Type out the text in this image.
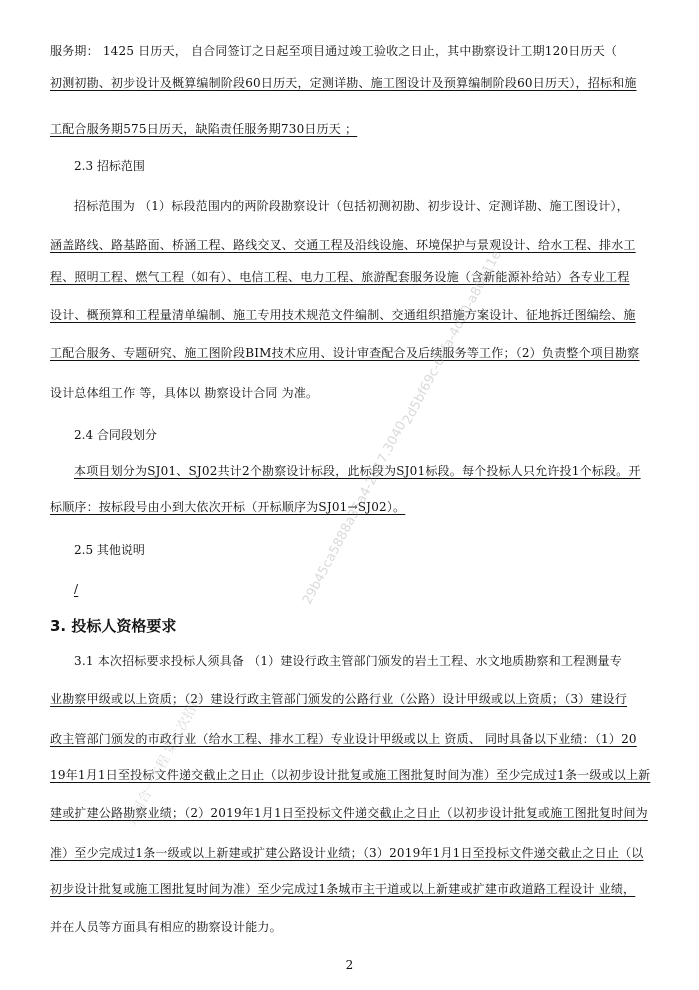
服务期： 1425 日历天， 自合同签订之日起至项目通过竣工验收之日止，其中勘察设计工期120日历天（
初测初勘、初步设计及概算编制阶段60日历天，定测详勘、施工图设计及预算编制阶段60日历天），招标和施
工配合服务期575日历天，缺陷责任服务期730日历天 ；
2.3 招标范围
招标范围为 （1）标段范围内的两阶段勘察设计（包括初测初勘、初步设计、定测详勘、施工图设计），
涵盖路线、路基路面、桥涵工程、路线交叉、交通工程及沿线设施、环境保护与景观设计、给水工程、排水工
程、照明工程、燃气工程（如有）、电信工程、电力工程、旅游配套服务设施（含新能源补给站）各专业工程
设计、概预算和工程量清单编制、施工专用技术规范文件编制、交通组织措施方案设计、征地拆迁图编绘、施
工配合服务、专题研究、施工图阶段BIM技术应用、设计审查配合及后续服务等工作；（2）负责整个项目勘察
设计总体组工作 等，具体以 勘察设计合同 为准。
2.4 合同段划分
本项目划分为SJ01、SJ02共计2个勘察设计标段，此标段为SJ01标段。每个投标人只允许投1个标段。开
标顺序：按标段号由小到大依次开标（开标顺序为SJ01→SJ02）。
2.5 其他说明
/
3. 投标人资格要求
3.1 本次招标要求投标人须具备 （1）建设行政主管部门颁发的岩土工程、水文地质勘察和工程测量专
业勘察甲级或以上资质；（2）建设行政主管部门颁发的公路行业（公路）设计甲级或以上资质；（3）建设行
政主管部门颁发的市政行业（给水工程、排水工程）专业设计甲级或以上 资质、 同时具备以下业绩：（1）20
19年1月1日至投标文件递交截止之日止（以初步设计批复或施工图批复时间为准）至少完成过1条一级或以上新
建或扩建公路勘察业绩；（2）2019年1月1日至投标文件递交截止之日止（以初步设计批复或施工图批复时间为
准）至少完成过1条一级或以上新建或扩建公路设计业绩；（3）2019年1月1日至投标文件递交截止之日止（以
初步设计批复或施工图批复时间为准）至少完成过1条城市主干道或以上新建或扩建市政道路工程设计 业绩，
并在人员等方面具有相应的勘察设计能力。
2
2d5bf69c-6efa-4db0-a86611e
29b45ca5888a35a4-2017.3040
五河合一工程 第二次招标
